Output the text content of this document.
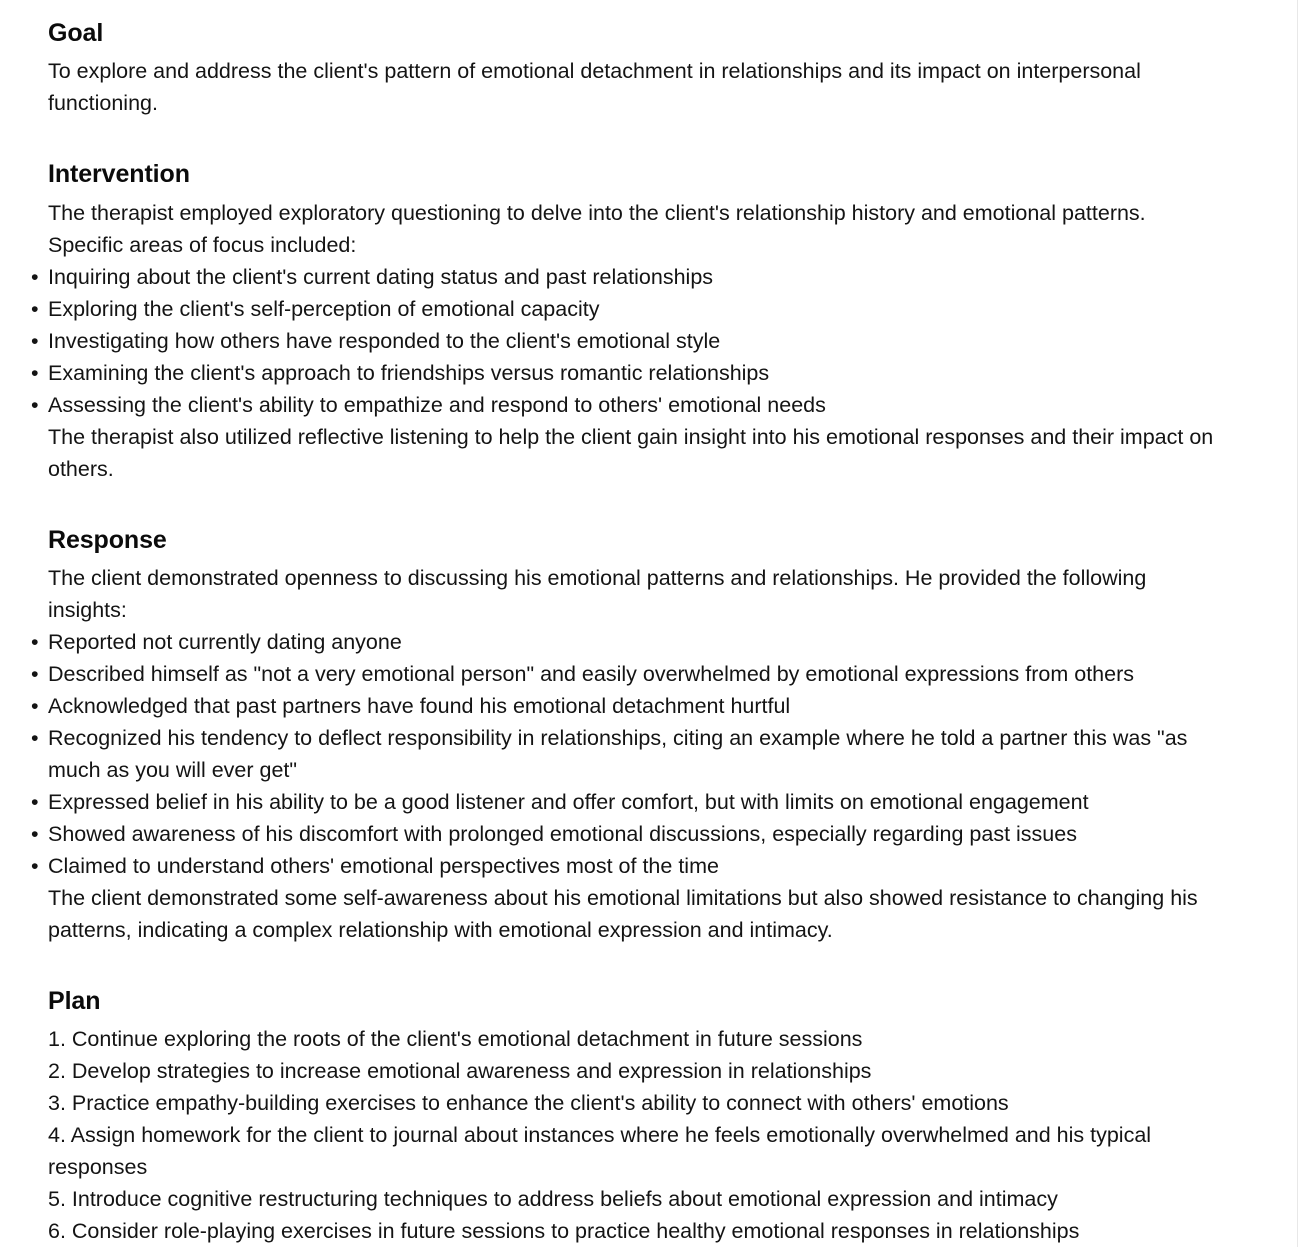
Goal

To explore and address the client's pattern of emotional detachment in relationships and its impact on interpersonal functioning.

Intervention

The therapist employed exploratory questioning to delve into the client's relationship history and emotional patterns. Specific areas of focus included:

• Inquiring about the client's current dating status and past relationships
• Exploring the client's self-perception of emotional capacity
• Investigating how others have responded to the client's emotional style
• Examining the client's approach to friendships versus romantic relationships
• Assessing the client's ability to empathize and respond to others' emotional needs

The therapist also utilized reflective listening to help the client gain insight into his emotional responses and their impact on others.

Response

The client demonstrated openness to discussing his emotional patterns and relationships. He provided the following insights:

• Reported not currently dating anyone
• Described himself as "not a very emotional person" and easily overwhelmed by emotional expressions from others
• Acknowledged that past partners have found his emotional detachment hurtful
• Recognized his tendency to deflect responsibility in relationships, citing an example where he told a partner this was "as much as you will ever get"
• Expressed belief in his ability to be a good listener and offer comfort, but with limits on emotional engagement
• Showed awareness of his discomfort with prolonged emotional discussions, especially regarding past issues
• Claimed to understand others' emotional perspectives most of the time

The client demonstrated some self-awareness about his emotional limitations but also showed resistance to changing his patterns, indicating a complex relationship with emotional expression and intimacy.

Plan
1. Continue exploring the roots of the client's emotional detachment in future sessions
2. Develop strategies to increase emotional awareness and expression in relationships
3. Practice empathy-building exercises to enhance the client's ability to connect with others' emotions
4. Assign homework for the client to journal about instances where he feels emotionally overwhelmed and his typical responses
5. Introduce cognitive restructuring techniques to address beliefs about emotional expression and intimacy
6. Consider role-playing exercises in future sessions to practice healthy emotional responses in relationships
